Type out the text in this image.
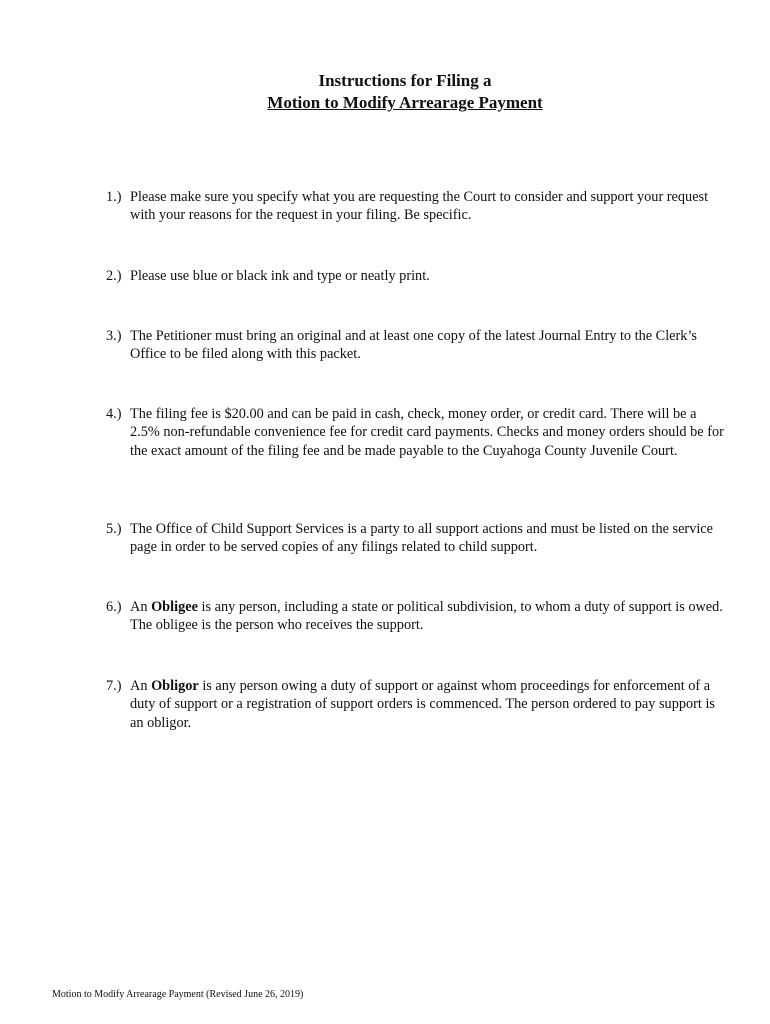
Instructions for Filing a
Motion to Modify Arrearage Payment
1.) Please make sure you specify what you are requesting the Court to consider and support your request with your reasons for the request in your filing. Be specific.
2.) Please use blue or black ink and type or neatly print.
3.) The Petitioner must bring an original and at least one copy of the latest Journal Entry to the Clerk’s Office to be filed along with this packet.
4.) The filing fee is $20.00 and can be paid in cash, check, money order, or credit card. There will be a 2.5% non-refundable convenience fee for credit card payments. Checks and money orders should be for the exact amount of the filing fee and be made payable to the Cuyahoga County Juvenile Court.
5.) The Office of Child Support Services is a party to all support actions and must be listed on the service page in order to be served copies of any filings related to child support.
6.) An Obligee is any person, including a state or political subdivision, to whom a duty of support is owed. The obligee is the person who receives the support.
7.) An Obligor is any person owing a duty of support or against whom proceedings for enforcement of a duty of support or a registration of support orders is commenced. The person ordered to pay support is an obligor.
Motion to Modify Arrearage Payment (Revised June 26, 2019)
